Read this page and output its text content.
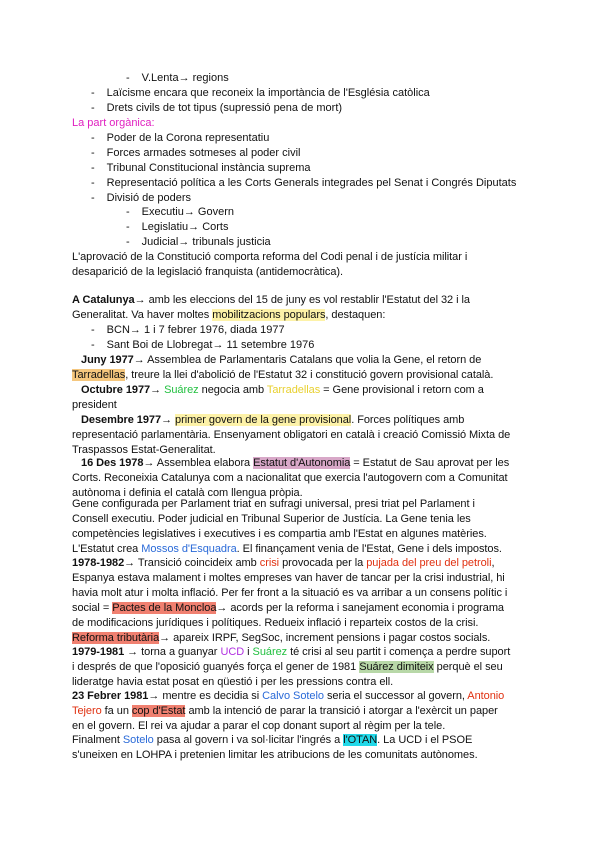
- V.Lenta→ regions
- Laïcisme encara que reconeix la importància de l'Església catòlica
- Drets civils de tot tipus (supressió pena de mort)
La part orgànica:
- Poder de la Corona representatiu
- Forces armades sotmeses al poder civil
- Tribunal Constitucional instància suprema
- Representació política a les Corts Generals integrades pel Senat i Congrés Diputats
- Divisió de poders
- Executiu→ Govern
- Legislatiu→ Corts
- Judicial→ tribunals justicia
L'aprovació de la Constitució comporta reforma del Codi penal i de justícia militar i desaparició de la legislació franquista (antidemocràtica).
A Catalunya→ amb les eleccions del 15 de juny es vol restablir l'Estatut del 32 i la Generalitat. Va haver moltes mobilitzacions populars, destaquen:
- BCN→ 1 i 7 febrer 1976, diada 1977
- Sant Boi de Llobregat→ 11 setembre 1976
Juny 1977→ Assemblea de Parlamentaris Catalans que volia la Gene, el retorn de Tarradellas, treure la llei d'abolició de l'Estatut 32 i constitució govern provisional català.
Octubre 1977→ Suárez negocia amb Tarradellas = Gene provisional i retorn com a president
Desembre 1977→ primer govern de la gene provisional. Forces polítiques amb representació parlamentària. Ensenyament obligatori en català i creació Comissió Mixta de Traspassos Estat-Generalitat.
16 Des 1978→ Assemblea elabora Estatut d'Autonomia = Estatut de Sau aprovat per les Corts. Reconeixia Catalunya com a nacionalitat que exercia l'autogovern com a Comunitat autònoma i definia el català com llengua pròpia.
Gene configurada per Parlament triat en sufragi universal, presi triat pel Parlament i Consell executiu. Poder judicial en Tribunal Superior de Justícia. La Gene tenia les competències legislatives i executives i es compartia amb l'Estat en algunes matèries. L'Estatut crea Mossos d'Esquadra. El finançament venia de l'Estat, Gene i dels impostos.
1978-1982→ Transició coincideix amb crisi provocada per la pujada del preu del petroli, Espanya estava malament i moltes empreses van haver de tancar per la crisi industrial, hi havia molt atur i molta inflació. Per fer front a la situació es va arribar a un consens polític i social = Pactes de la Moncloa→ acords per la reforma i sanejament economia i programa de modificacions jurídiques i polítiques. Redueix inflació i reparteix costos de la crisi. Reforma tributària→ apareix IRPF, SegSoc, increment pensions i pagar costos socials.
1979-1981 → torna a guanyar UCD i Suárez té crisi al seu partit i comença a perdre suport i després de que l'oposició guanyés força el gener de 1981 Suárez dimiteix perquè el seu lideratge havia estat posat en qüestió i per les pressions contra ell.
23 Febrer 1981→ mentre es decidia si Calvo Sotelo seria el successor al govern, Antonio Tejero fa un cop d'Estat amb la intenció de parar la transició i atorgar a l'exèrcit un paper en el govern. El rei va ajudar a parar el cop donant suport al règim per la tele.
Finalment Sotelo pasa al govern i va sol·licitar l'ingrés a l'OTAN. La UCD i el PSOE s'uneixen en LOHPA i pretenien limitar les atribucions de les comunitats autònomes.
